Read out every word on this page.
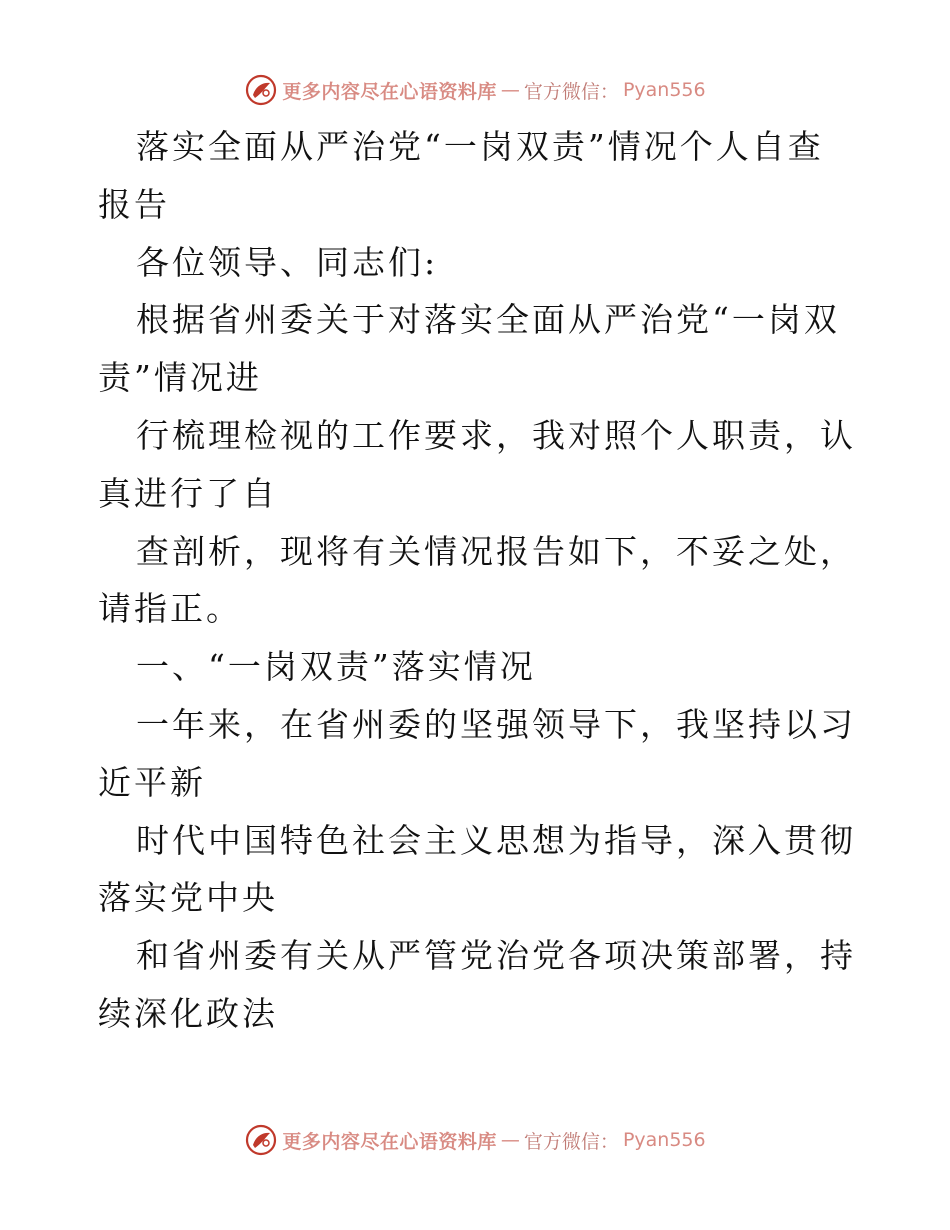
更多内容尽在心语资料库 — 官方微信： Pyan556

落实全面从严治党“一岗双责”情况个人自查报告

各位领导、同志们:

根据省州委关于对落实全面从严治党“一岗双责”情况进

行梳理检视的工作要求，我对照个人职责，认真进行了自

查剖析，现将有关情况报告如下，不妥之处，请指正。

一、“一岗双责”落实情况

一年来，在省州委的坚强领导下，我坚持以习近平新

时代中国特色社会主义思想为指导，深入贯彻落实党中央

和省州委有关从严管党治党各项决策部署，持续深化政法

更多内容尽在心语资料库 — 官方微信： Pyan556
